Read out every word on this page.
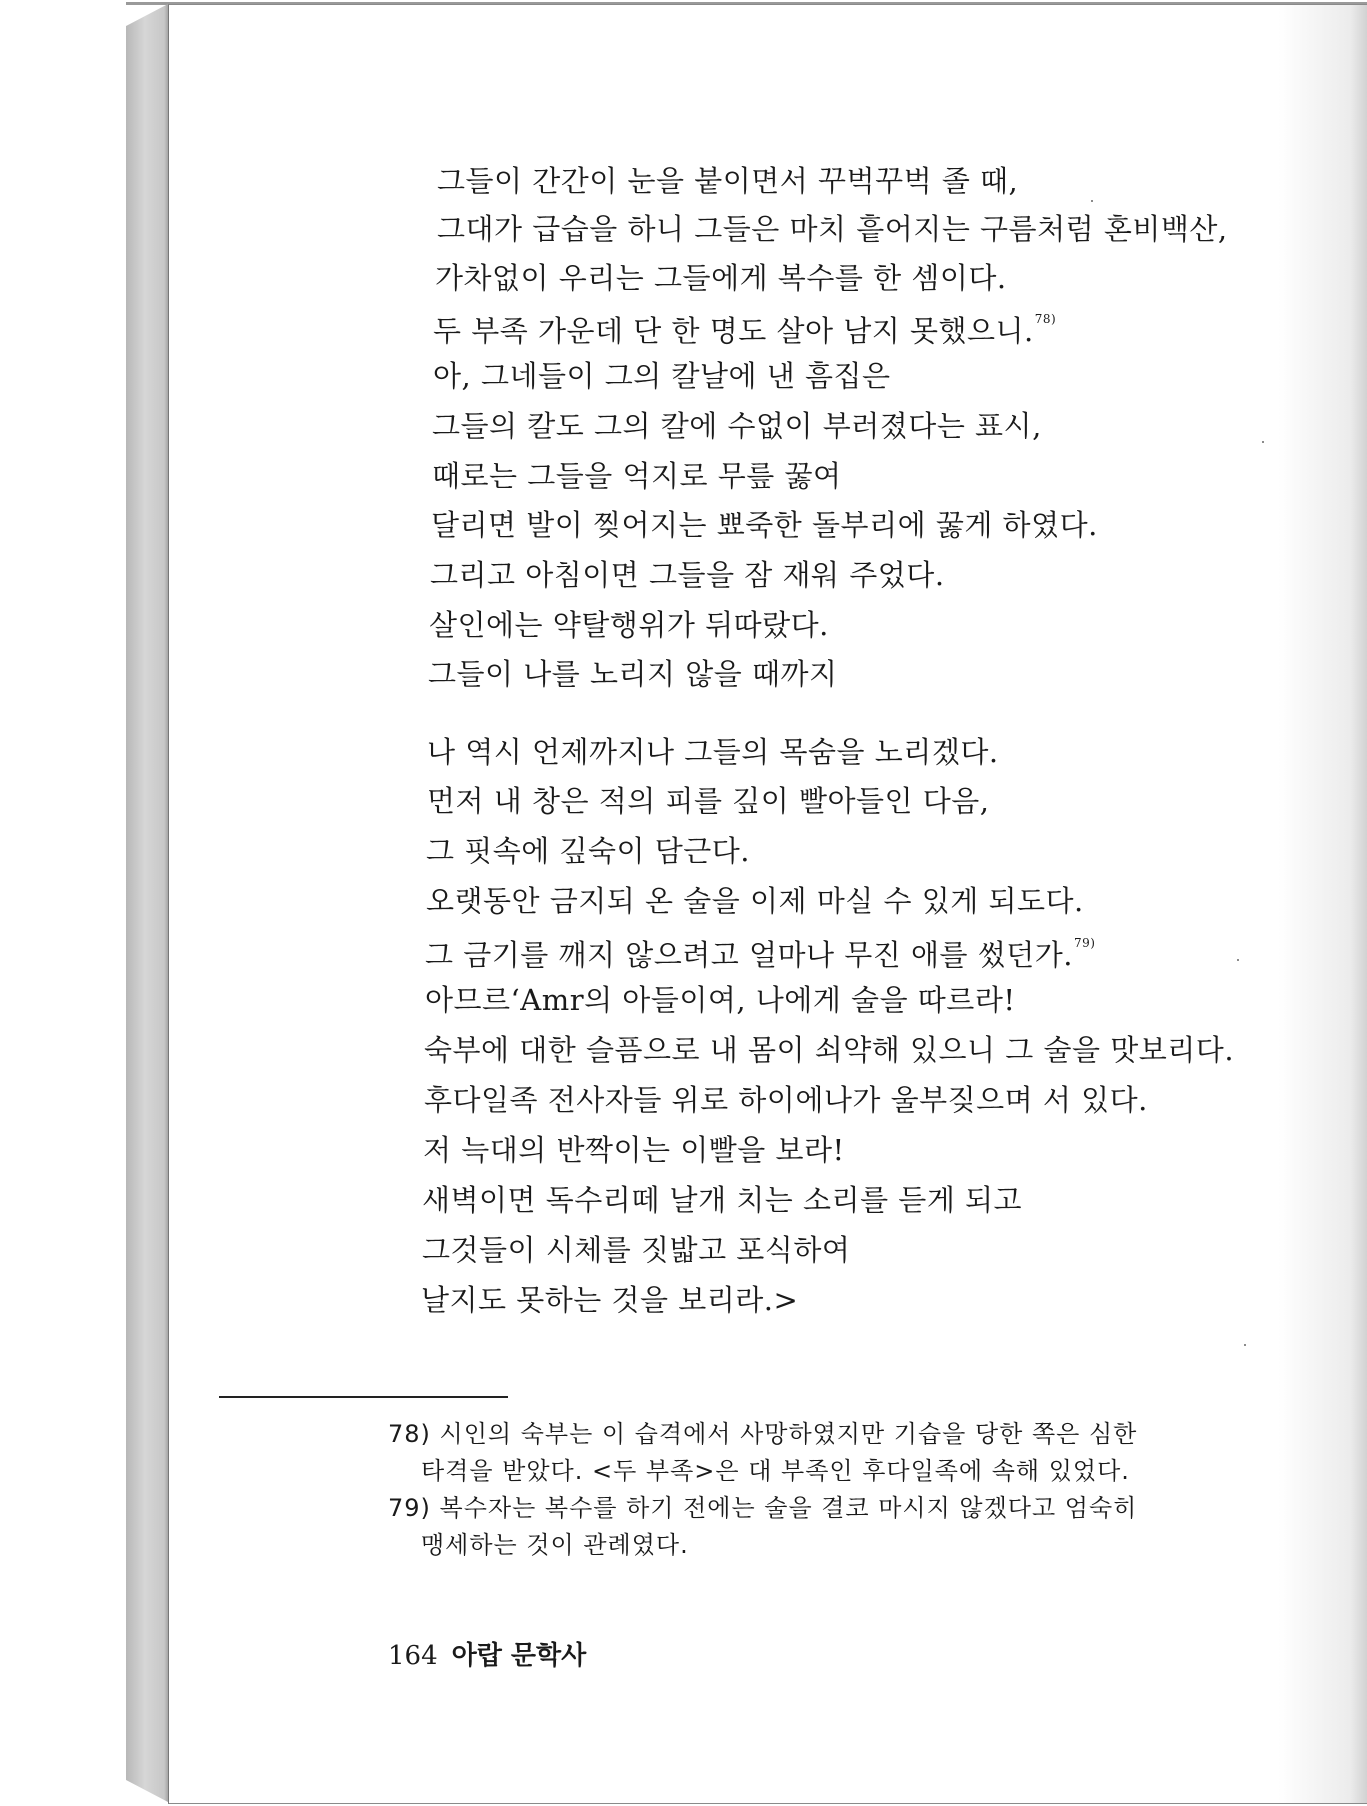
그들이 간간이 눈을 붙이면서 꾸벅꾸벅 졸 때,
그대가 급습을 하니 그들은 마치 흩어지는 구름처럼 혼비백산,
가차없이 우리는 그들에게 복수를 한 셈이다.
두 부족 가운데 단 한 명도 살아 남지 못했으니.$^{78)}$
아, 그네들이 그의 칼날에 낸 흠집은
그들의 칼도 그의 칼에 수없이 부러졌다는 표시,
때로는 그들을 억지로 무릎 꿇여
달리면 발이 찢어지는 뾰죽한 돌부리에 꿇게 하였다.
그리고 아침이면 그들을 잠 재워 주었다.
살인에는 약탈행위가 뒤따랐다.
그들이 나를 노리지 않을 때까지
나 역시 언제까지나 그들의 목숨을 노리겠다.
먼저 내 창은 적의 피를 깊이 빨아들인 다음,
그 핏속에 깊숙이 담근다.
오랫동안 금지되 온 술을 이제 마실 수 있게 되도다.
그 금기를 깨지 않으려고 얼마나 무진 애를 썼던가.$^{79)}$
아므르‘Amr의 아들이여, 나에게 술을 따르라!
숙부에 대한 슬픔으로 내 몸이 쇠약해 있으니 그 술을 맛보리다.
후다일족 전사자들 위로 하이에나가 울부짖으며 서 있다.
저 늑대의 반짝이는 이빨을 보라!
새벽이면 독수리떼 날개 치는 소리를 듣게 되고
그것들이 시체를 짓밟고 포식하여
날지도 못하는 것을 보리라.>
78) 시인의 숙부는 이 습격에서 사망하였지만 기습을 당한 쪽은 심한
타격을 받았다. <두 부족>은 대 부족인 후다일족에 속해 있었다.
79) 복수자는 복수를 하기 전에는 술을 결코 마시지 않겠다고 엄숙히
맹세하는 것이 관례였다.
164 아랍 문학사
